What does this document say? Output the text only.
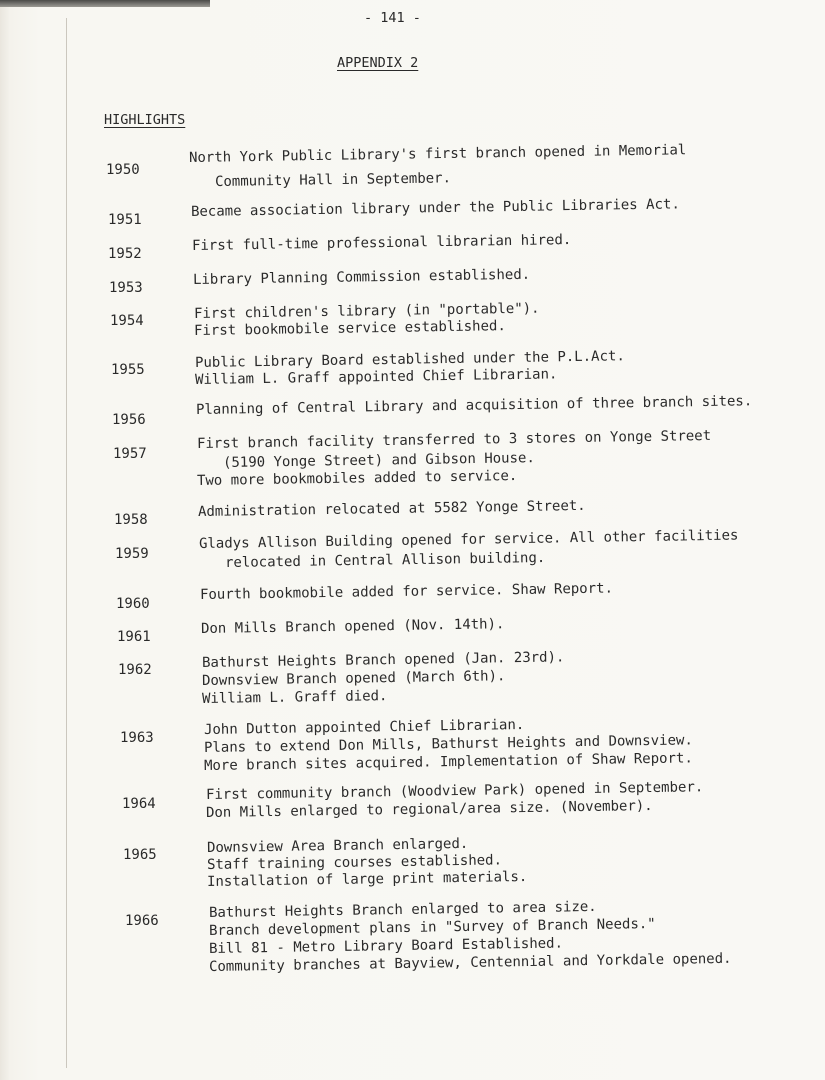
- 141 -
APPENDIX 2
HIGHLIGHTS
1950
North York Public Library's first branch opened in Memorial
Community Hall in September.
1951
Became association library under the Public Libraries Act.
1952
First full-time professional librarian hired.
1953
Library Planning Commission established.
1954	First children's library (in "portable").
First bookmobile service established.
1955	Public Library Board established under the P.L.Act.
William L. Graff appointed Chief Librarian.
1956
Planning of Central Library and acquisition of three branch sites.
1957
First branch facility transferred to 3 stores on Yonge Street
(5190 Yonge Street) and Gibson House.
Two more bookmobiles added to service.
1958
Administration relocated at 5582 Yonge Street.
1959
Gladys Allison Building opened for service. All other facilities
relocated in Central Allison building.
1960
Fourth bookmobile added for service. Shaw Report.
1961
Don Mills Branch opened (Nov. 14th).
1962	Bathurst Heights Branch opened (Jan. 23rd).
Downsview Branch opened (March 6th).
William L. Graff died.
1963
John Dutton appointed Chief Librarian.
Plans to extend Don Mills, Bathurst Heights and Downsview.
More branch sites acquired. Implementation of Shaw Report.
1964
First community branch (Woodview Park) opened in September.
Don Mills enlarged to regional/area size. (November).
1965	Downsview Area Branch enlarged.
Staff training courses established.
Installation of large print materials.
1966
Bathurst Heights Branch enlarged to area size.
Branch development plans in "Survey of Branch Needs."
Bill 81 - Metro Library Board Established.
Community branches at Bayview, Centennial and Yorkdale opened.
